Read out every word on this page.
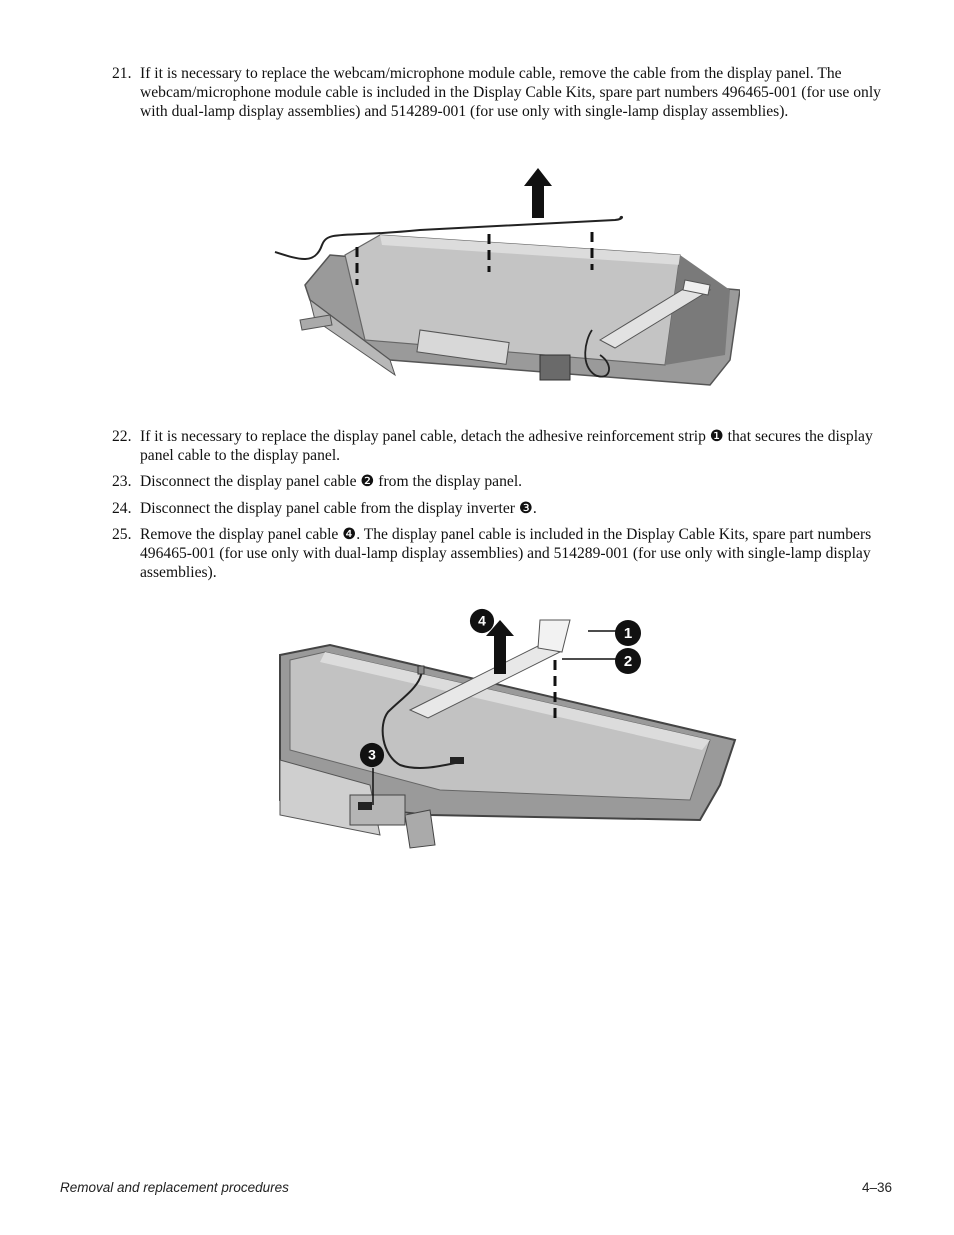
21. If it is necessary to replace the webcam/microphone module cable, remove the cable from the display panel. The webcam/microphone module cable is included in the Display Cable Kits, spare part numbers 496465-001 (for use only with dual-lamp display assemblies) and 514289-001 (for use only with single-lamp display assemblies).
22. If it is necessary to replace the display panel cable, detach the adhesive reinforcement strip ❶ that secures the display panel cable to the display panel.
23. Disconnect the display panel cable ❷ from the display panel.
24. Disconnect the display panel cable from the display inverter ❸.
25. Remove the display panel cable ❹. The display panel cable is included in the Display Cable Kits, spare part numbers 496465-001 (for use only with dual-lamp display assemblies) and 514289-001 (for use only with single-lamp display assemblies).
1
2
3
4
Removal and replacement procedures	4–36
